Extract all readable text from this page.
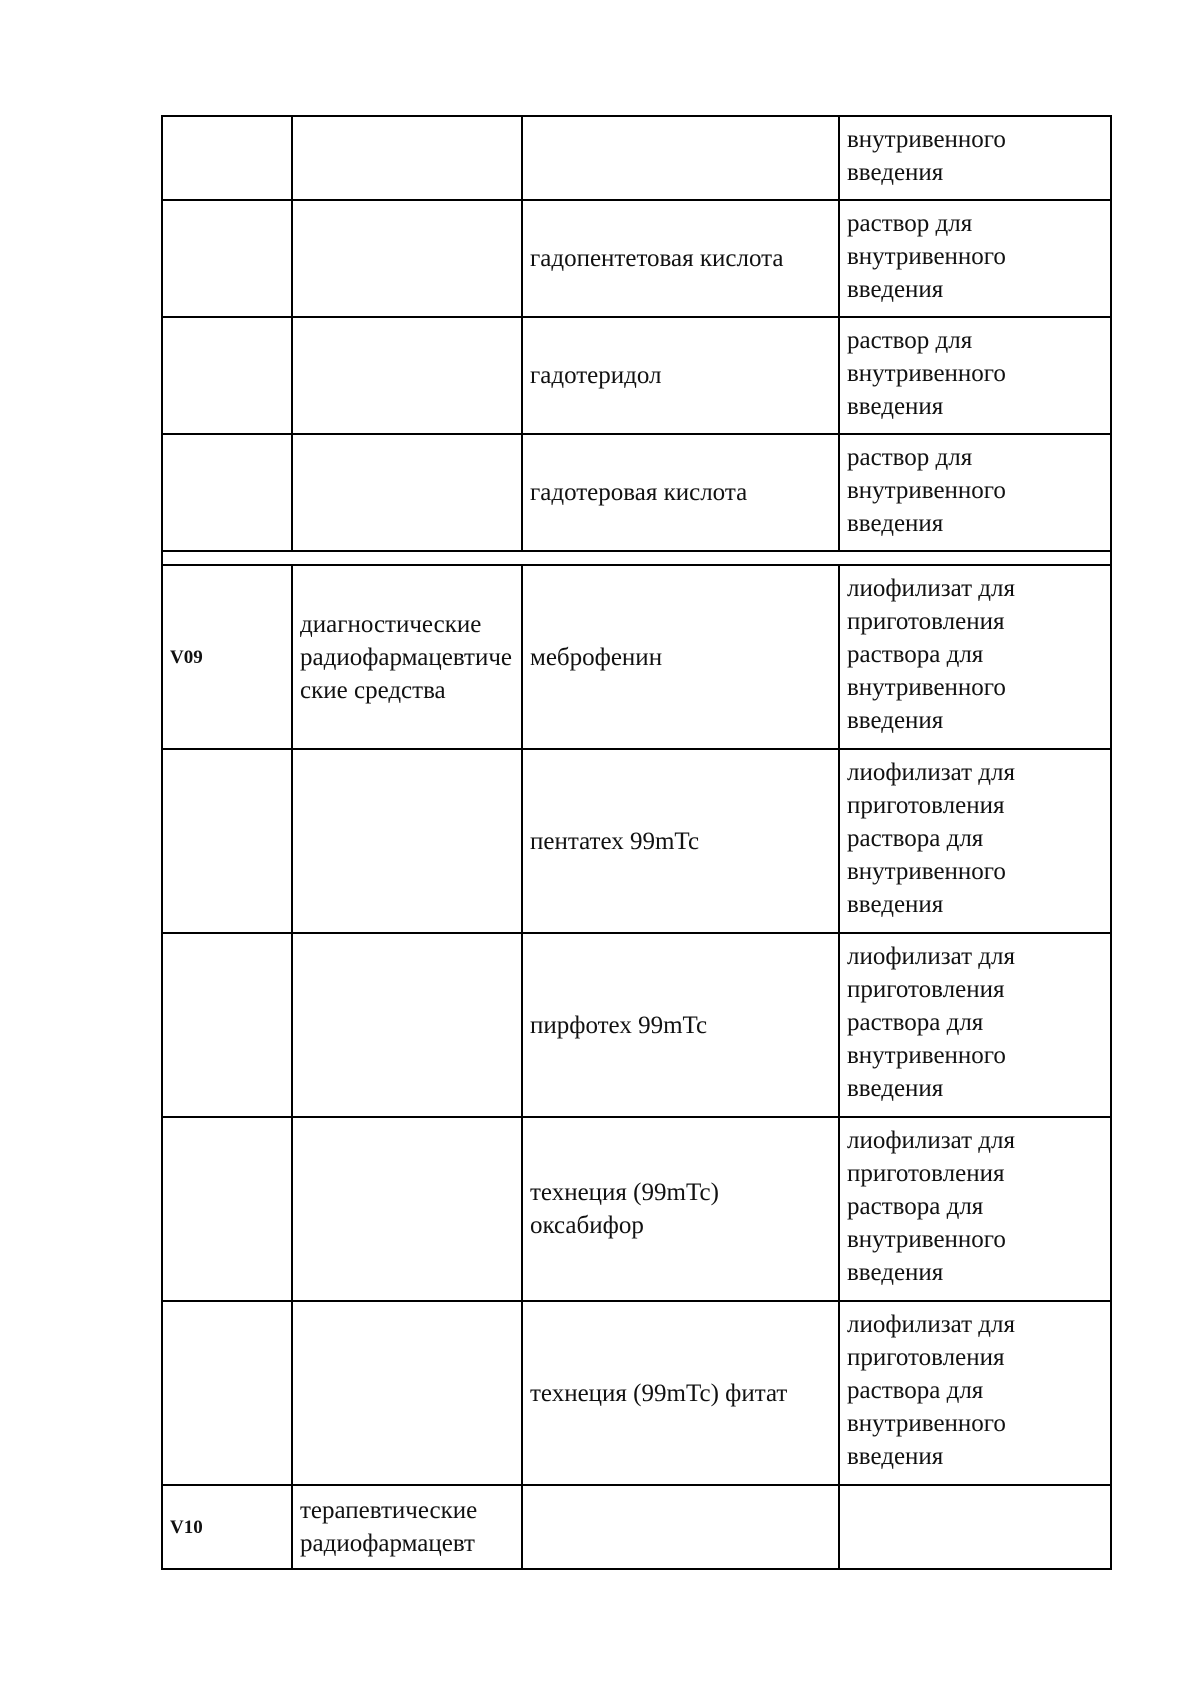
			внутривенного введения
		гадопентетовая кислота	раствор для внутривенного введения
		гадотеридол	раствор для внутривенного введения
		гадотеровая кислота	раствор для внутривенного введения

V09	диагностические радиофармацевтические средства	меброфенин	лиофилизат для приготовления раствора для внутривенного введения
		пентатех 99mTc	лиофилизат для приготовления раствора для внутривенного введения
		пирфотех 99mTc	лиофилизат для приготовления раствора для внутривенного введения
		технеция (99mTc) оксабифор	лиофилизат для приготовления раствора для внутривенного введения
		технеция (99mTc) фитат	лиофилизат для приготовления раствора для внутривенного введения
V10	терапевтические радиофармацевт		
